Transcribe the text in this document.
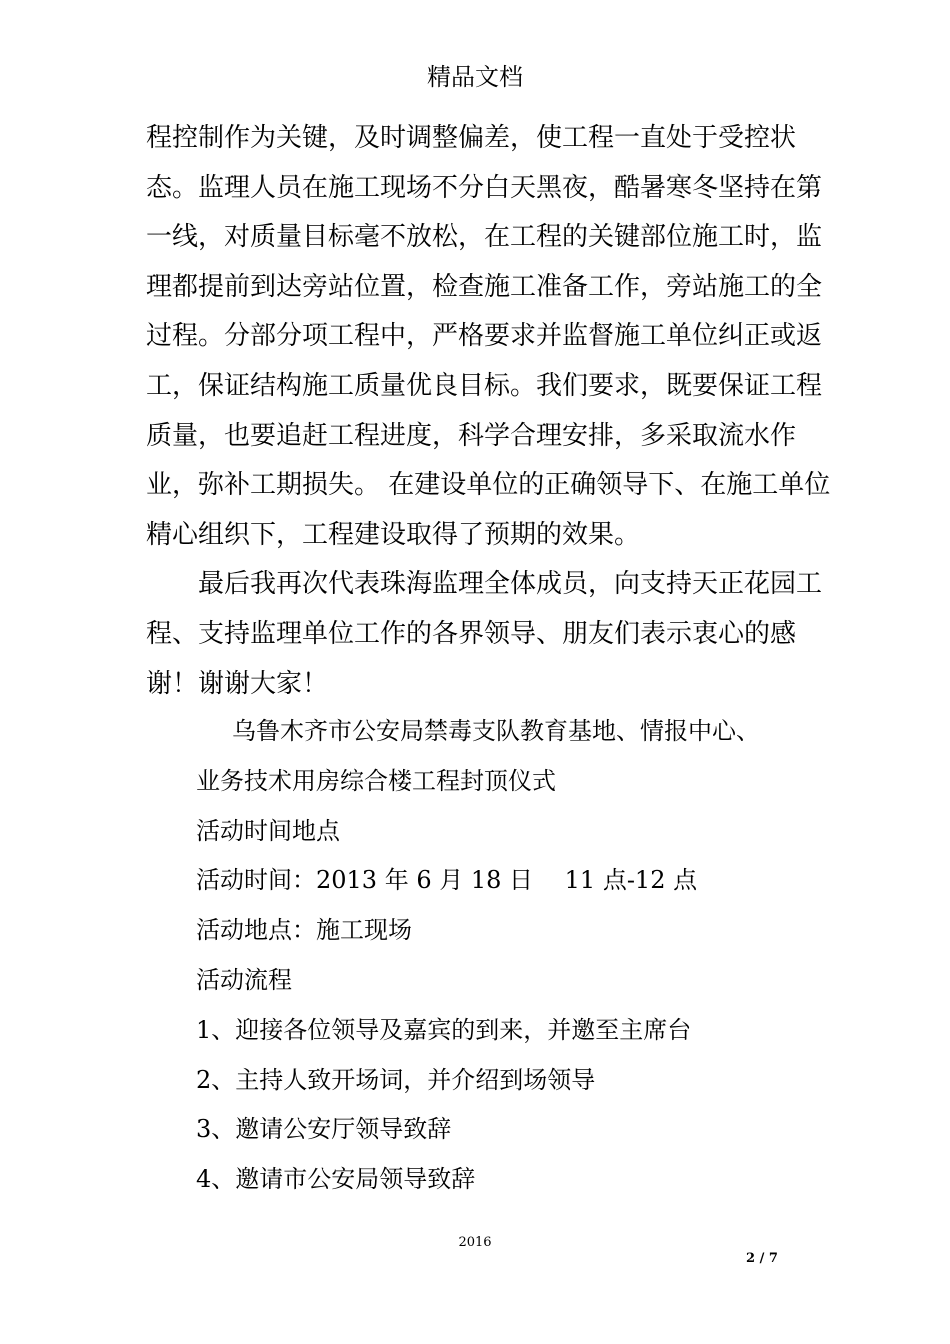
精品文档

程控制作为关键，及时调整偏差，使工程一直处于受控状态。监理人员在施工现场不分白天黑夜，酷暑寒冬坚持在第一线，对质量目标毫不放松，在工程的关键部位施工时，监理都提前到达旁站位置，检查施工准备工作，旁站施工的全过程。分部分项工程中，严格要求并监督施工单位纠正或返工，保证结构施工质量优良目标。我们要求，既要保证工程质量，也要追赶工程进度，科学合理安排，多采取流水作业，弥补工期损失。 在建设单位的正确领导下、在施工单位精心组织下，工程建设取得了预期的效果。

最后我再次代表珠海监理全体成员，向支持天正花园工程、支持监理单位工作的各界领导、朋友们表示衷心的感谢！谢谢大家！

乌鲁木齐市公安局禁毒支队教育基地、情报中心、

业务技术用房综合楼工程封顶仪式

活动时间地点

活动时间：2013 年 6 月 18 日　 11 点-12 点

活动地点：施工现场

活动流程

1、迎接各位领导及嘉宾的到来，并邀至主席台

2、主持人致开场词，并介绍到场领导

3、邀请公安厅领导致辞

4、邀请市公安局领导致辞

2016
2 / 7
